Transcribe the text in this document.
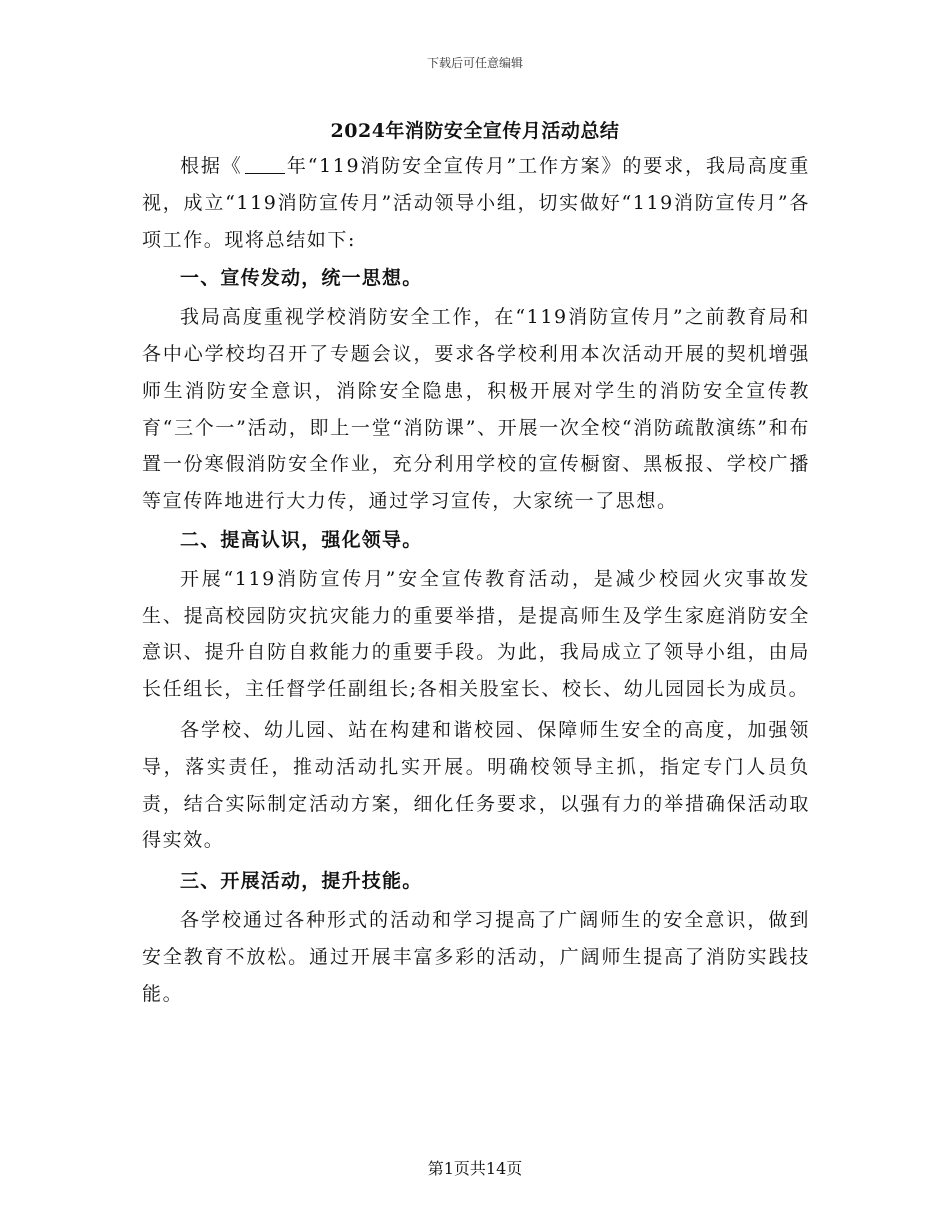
下载后可任意编辑
2024年消防安全宣传月活动总结

根据《 年“119消防安全宣传月”工作方案》的要求，我局高度重视，成立“119消防宣传月”活动领导小组，切实做好“119消防宣传月”各项工作。现将总结如下:

一、宣传发动，统一思想。

我局高度重视学校消防安全工作，在“119消防宣传月”之前教育局和各中心学校均召开了专题会议，要求各学校利用本次活动开展的契机增强师生消防安全意识，消除安全隐患，积极开展对学生的消防安全宣传教育“三个一”活动，即上一堂“消防课”、开展一次全校“消防疏散演练”和布置一份寒假消防安全作业，充分利用学校的宣传橱窗、黑板报、学校广播等宣传阵地进行大力传，通过学习宣传，大家统一了思想。

二、提高认识，强化领导。

开展“119消防宣传月”安全宣传教育活动，是减少校园火灾事故发生、提高校园防灾抗灾能力的重要举措，是提高师生及学生家庭消防安全意识、提升自防自救能力的重要手段。为此，我局成立了领导小组，由局长任组长，主任督学任副组长;各相关股室长、校长、幼儿园园长为成员。

各学校、幼儿园、站在构建和谐校园、保障师生安全的高度，加强领导，落实责任，推动活动扎实开展。明确校领导主抓，指定专门人员负责，结合实际制定活动方案，细化任务要求，以强有力的举措确保活动取得实效。

三、开展活动，提升技能。

各学校通过各种形式的活动和学习提高了广阔师生的安全意识，做到安全教育不放松。通过开展丰富多彩的活动，广阔师生提高了消防实践技能。

第1页共14页
